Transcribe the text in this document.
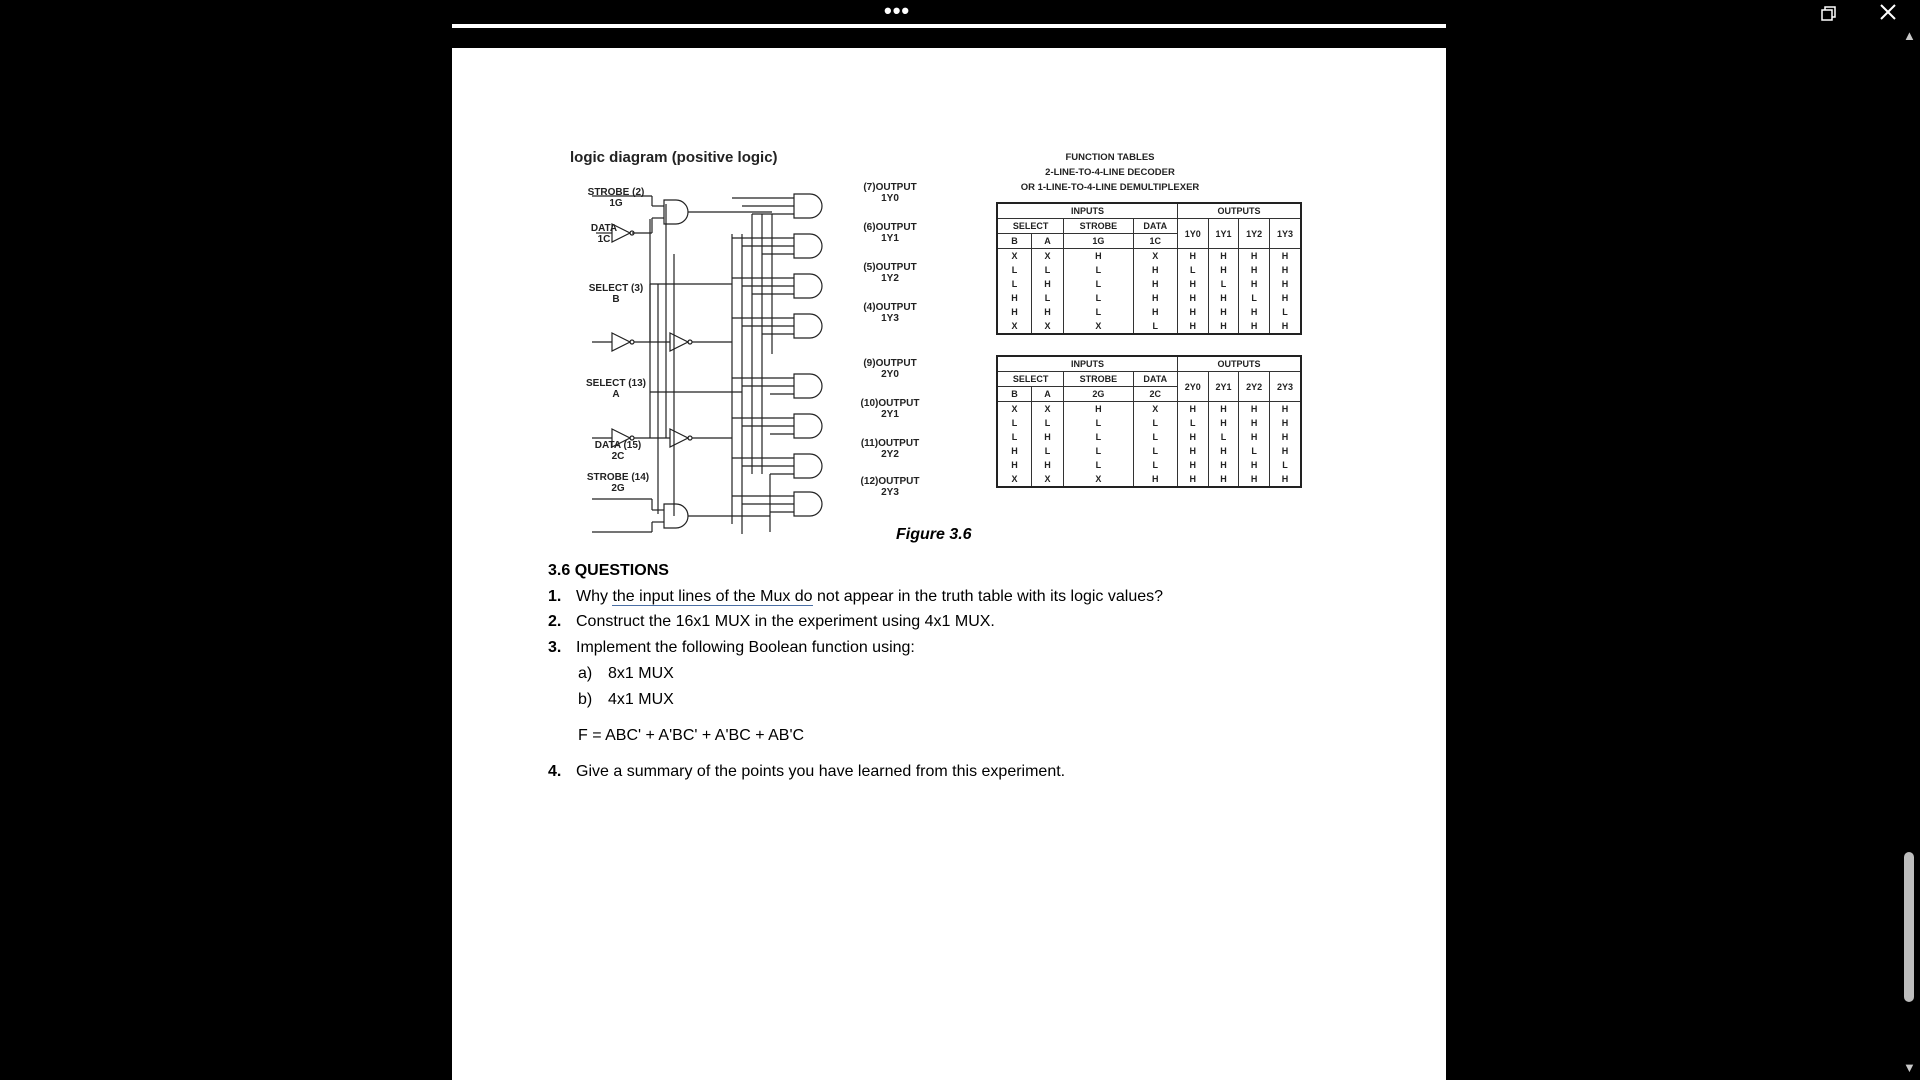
•••
logic diagram (positive logic)
STROBE (2)
1G
DATA
1C
SELECT (3)
B
SELECT (13)
A
DATA (15)
2C
STROBE (14)
2G
(7)OUTPUT
1Y0
(6)OUTPUT
1Y1
(5)OUTPUT
1Y2
(4)OUTPUT
1Y3
(9)OUTPUT
2Y0
(10)OUTPUT
2Y1
(11)OUTPUT
2Y2
(12)OUTPUT
2Y3
FUNCTION TABLES
2-LINE-TO-4-LINE DECODER
OR 1-LINE-TO-4-LINE DEMULTIPLEXER
INPUTS				OUTPUTS			
SELECT		STROBE	DATA	1Y0	1Y1	1Y2	1Y3
B	A	1G	1C				
X	X	H	X	H	H	H	H
L	L	L	H	L	H	H	H
L	H	L	H	H	L	H	H
H	L	L	H	H	H	L	H
H	H	L	H	H	H	H	L
X	X	X	L	H	H	H	H
INPUTS				OUTPUTS			
SELECT		STROBE	DATA	2Y0	2Y1	2Y2	2Y3
B	A	2G	2C				
X	X	H	X	H	H	H	H
L	L	L	L	L	H	H	H
L	H	L	L	H	L	H	H
H	L	L	L	H	H	L	H
H	H	L	L	H	H	H	L
X	X	X	H	H	H	H	H
Figure 3.6
3.6 QUESTIONS
1. Why the input lines of the Mux do not appear in the truth table with its logic values?
2. Construct the 16x1 MUX in the experiment using 4x1 MUX.
3. Implement the following Boolean function using:
a) 8x1 MUX
b) 4x1 MUX
F = ABC' + A'BC' + A'BC + AB'C
4. Give a summary of the points you have learned from this experiment.
▲
▼
